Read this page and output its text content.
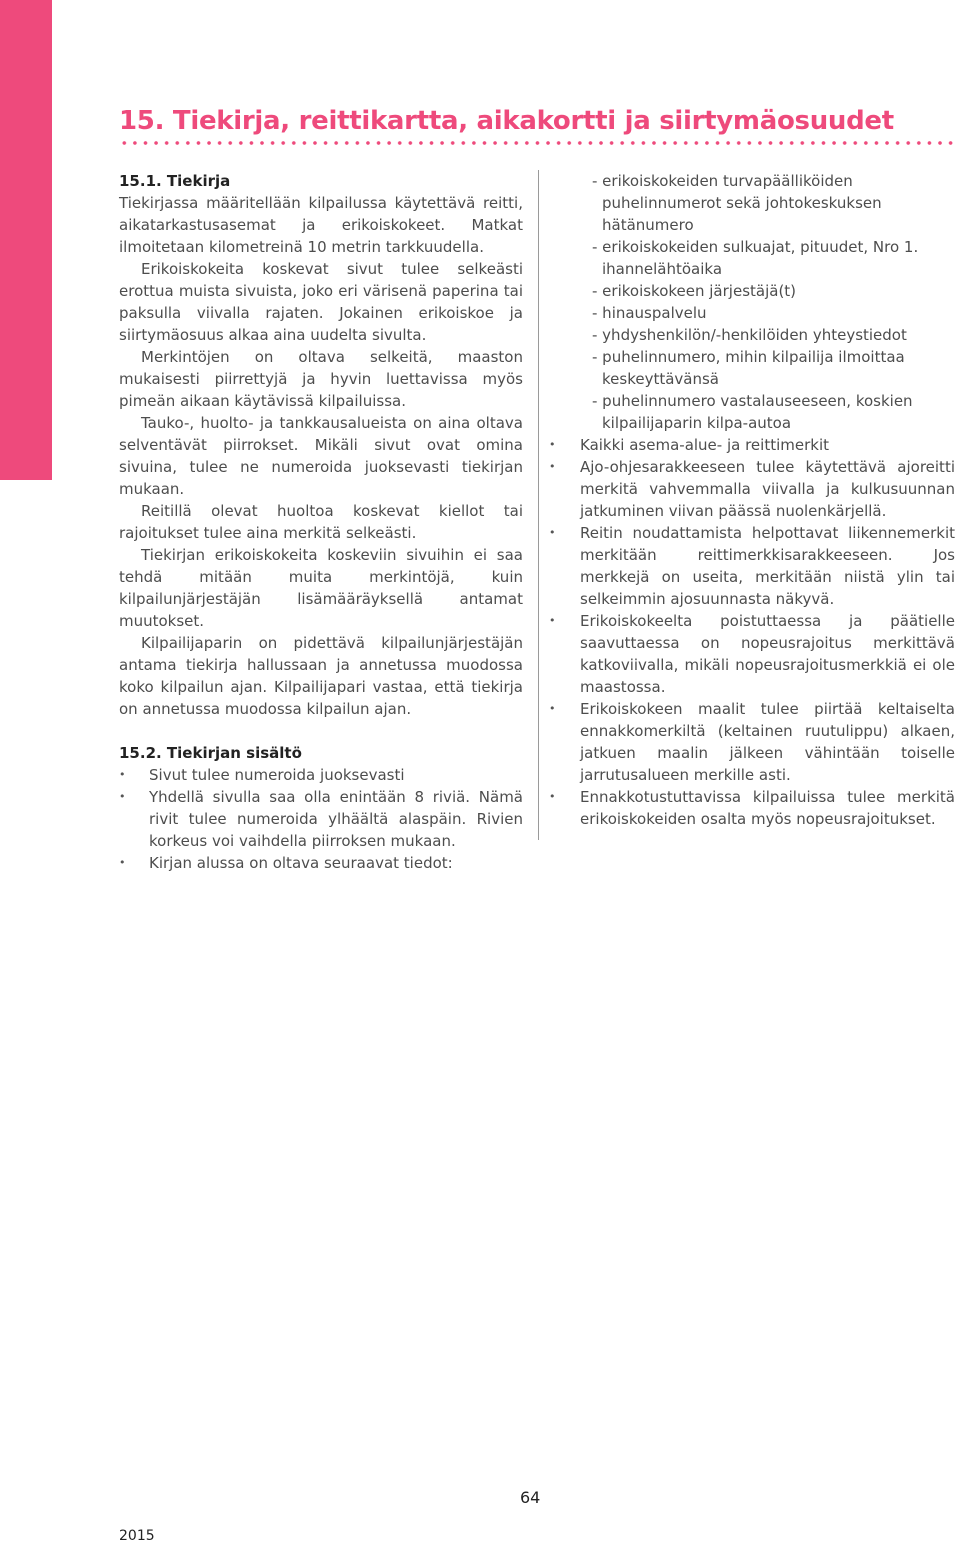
15. Tiekirja, reittikartta, aikakortti ja siirtymäosuudet
15.1. Tiekirja

Tiekirjassa määritellään kilpailussa käytettävä reitti, aikatarkastusasemat ja erikoiskokeet. Matkat ilmoitetaan kilometreinä 10 metrin tarkkuudella.

Erikoiskokeita koskevat sivut tulee selkeästi erottua muista sivuista, joko eri värisenä paperina tai paksulla viivalla rajaten. Jokainen erikoiskoe ja siirtymäosuus alkaa aina uudelta sivulta.

Merkintöjen on oltava selkeitä, maaston mukaisesti piirrettyjä ja hyvin luettavissa myös pimeän aikaan käytävissä kilpailuissa.

Tauko-, huolto- ja tankkausalueista on aina oltava selventävät piirrokset. Mikäli sivut ovat omina sivuina, tulee ne numeroida juoksevasti tiekirjan mukaan.

Reitillä olevat huoltoa koskevat kiellot tai rajoitukset tulee aina merkitä selkeästi.

Tiekirjan erikoiskokeita koskeviin sivuihin ei saa tehdä mitään muita merkintöjä, kuin kilpailunjärjestäjän lisämääräyksellä antamat muutokset.

Kilpailijaparin on pidettävä kilpailunjärjestäjän antama tiekirja hallussaan ja annetussa muodossa koko kilpailun ajan. Kilpailijapari vastaa, että tiekirja on annetussa muodossa kilpailun ajan.

15.2. Tiekirjan sisältö
• Sivut tulee numeroida juoksevasti
• Yhdellä sivulla saa olla enintään 8 riviä. Nämä rivit tulee numeroida ylhäältä alaspäin. Rivien korkeus voi vaihdella piirroksen mukaan.
• Kirjan alussa on oltava seuraavat tiedot:
- erikoiskokeiden turvapäälliköiden puhelinnumerot sekä johtokeskuksen hätänumero
- erikoiskokeiden sulkuajat, pituudet, Nro 1. ihannelähtöaika
- erikoiskokeen järjestäjä(t)
- hinauspalvelu
- yhdyshenkilön/-henkilöiden yhteystiedot
- puhelinnumero, mihin kilpailija ilmoittaa keskeyttävänsä
- puhelinnumero vastalauseeseen, koskien kilpailijaparin kilpa-autoa
• Kaikki asema-alue- ja reittimerkit
• Ajo-ohjesarakkeeseen tulee käytettävä ajoreitti merkitä vahvemmalla viivalla ja kulkusuunnan jatkuminen viivan päässä nuolenkärjellä.
• Reitin noudattamista helpottavat liikennemerkit merkitään reittimerkkisarakkeeseen. Jos merkkejä on useita, merkitään niistä ylin tai selkeimmin ajosuunnasta näkyvä.
• Erikoiskokeelta poistuttaessa ja päätielle saavuttaessa on nopeusrajoitus merkittävä katkoviivalla, mikäli nopeusrajoitusmerkkiä ei ole maastossa.
• Erikoiskokeen maalit tulee piirtää keltaiselta ennakkomerkiltä (keltainen ruutulippu) alkaen, jatkuen maalin jälkeen vähintään toiselle jarrutusalueen merkille asti.
• Ennakkotustuttavissa kilpailuissa tulee merkitä erikoiskokeiden osalta myös nopeusrajoitukset.
64
2015
